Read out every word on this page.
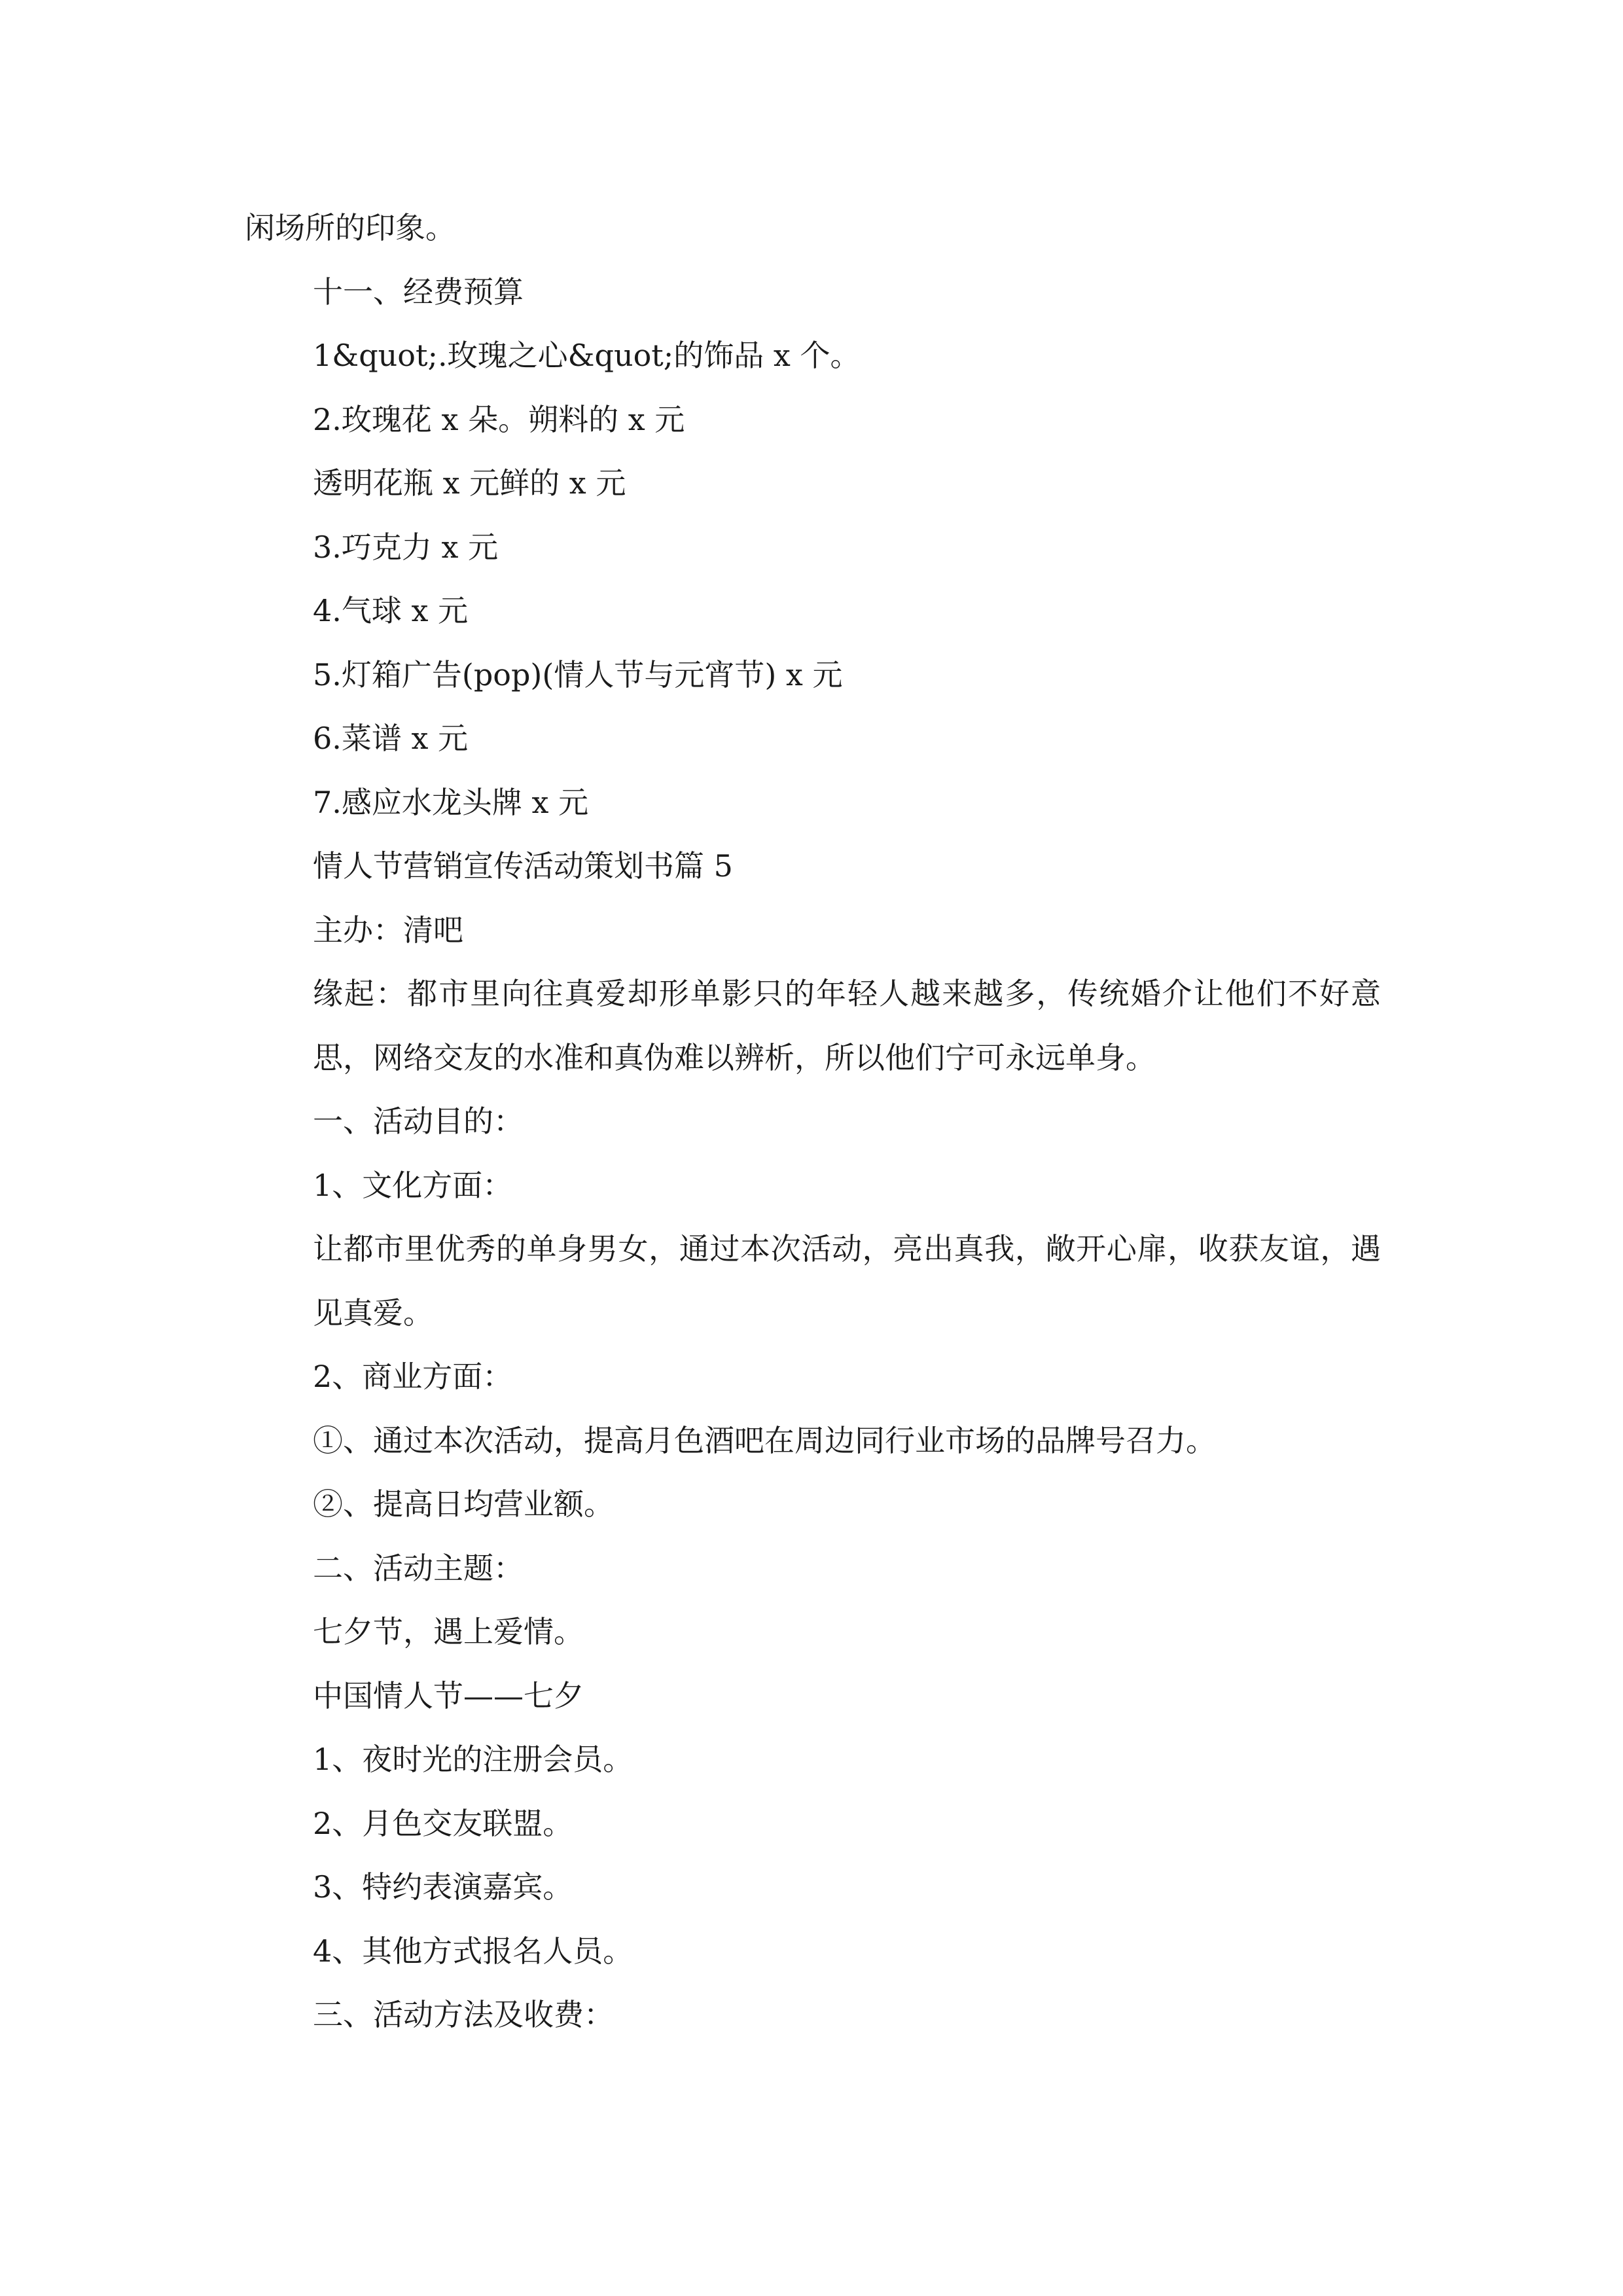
闲场所的印象。

十一、经费预算

1&quot;.玫瑰之心&quot;的饰品 x 个。

2.玫瑰花 x 朵。朔料的 x 元

透明花瓶 x 元鲜的 x 元

3.巧克力 x 元

4.气球 x 元

5.灯箱广告(pop)(情人节与元宵节) x 元

6.菜谱 x 元

7.感应水龙头牌 x 元

情人节营销宣传活动策划书篇 5

主办：清吧

缘起：都市里向往真爱却形单影只的年轻人越来越多，传统婚介让他们不好意思，网络交友的水准和真伪难以辨析，所以他们宁可永远单身。

一、活动目的：

1、文化方面：

让都市里优秀的单身男女，通过本次活动，亮出真我，敞开心扉，收获友谊，遇见真爱。

2、商业方面：

①、通过本次活动，提高月色酒吧在周边同行业市场的品牌号召力。

②、提高日均营业额。

二、活动主题：

七夕节，遇上爱情。

中国情人节——七夕

1、夜时光的注册会员。

2、月色交友联盟。

3、特约表演嘉宾。

4、其他方式报名人员。

三、活动方法及收费：
